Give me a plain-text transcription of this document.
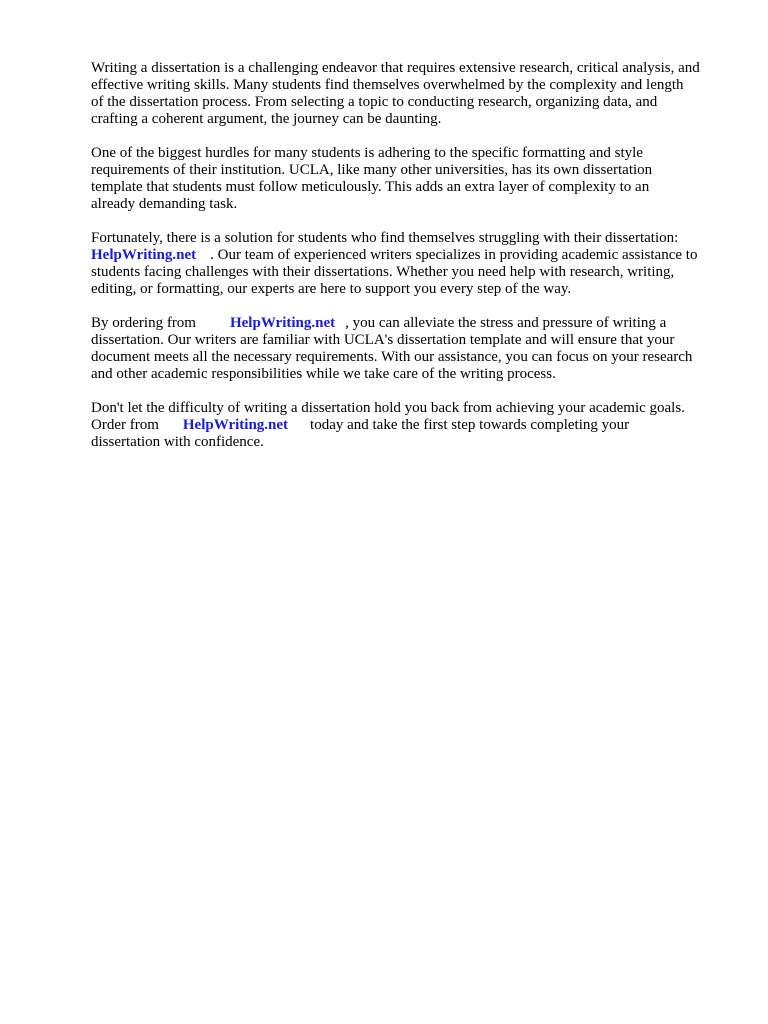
Writing a dissertation is a challenging endeavor that requires extensive research, critical analysis, and
effective writing skills. Many students find themselves overwhelmed by the complexity and length
of the dissertation process. From selecting a topic to conducting research, organizing data, and
crafting a coherent argument, the journey can be daunting.

One of the biggest hurdles for many students is adhering to the specific formatting and style
requirements of their institution. UCLA, like many other universities, has its own dissertation
template that students must follow meticulously. This adds an extra layer of complexity to an
already demanding task.

Fortunately, there is a solution for students who find themselves struggling with their dissertation:
HelpWriting.net . Our team of experienced writers specializes in providing academic assistance to
students facing challenges with their dissertations. Whether you need help with research, writing,
editing, or formatting, our experts are here to support you every step of the way.

By ordering from HelpWriting.net , you can alleviate the stress and pressure of writing a
dissertation. Our writers are familiar with UCLA's dissertation template and will ensure that your
document meets all the necessary requirements. With our assistance, you can focus on your research
and other academic responsibilities while we take care of the writing process.

Don't let the difficulty of writing a dissertation hold you back from achieving your academic goals.
Order from HelpWriting.net today and take the first step towards completing your
dissertation with confidence.
